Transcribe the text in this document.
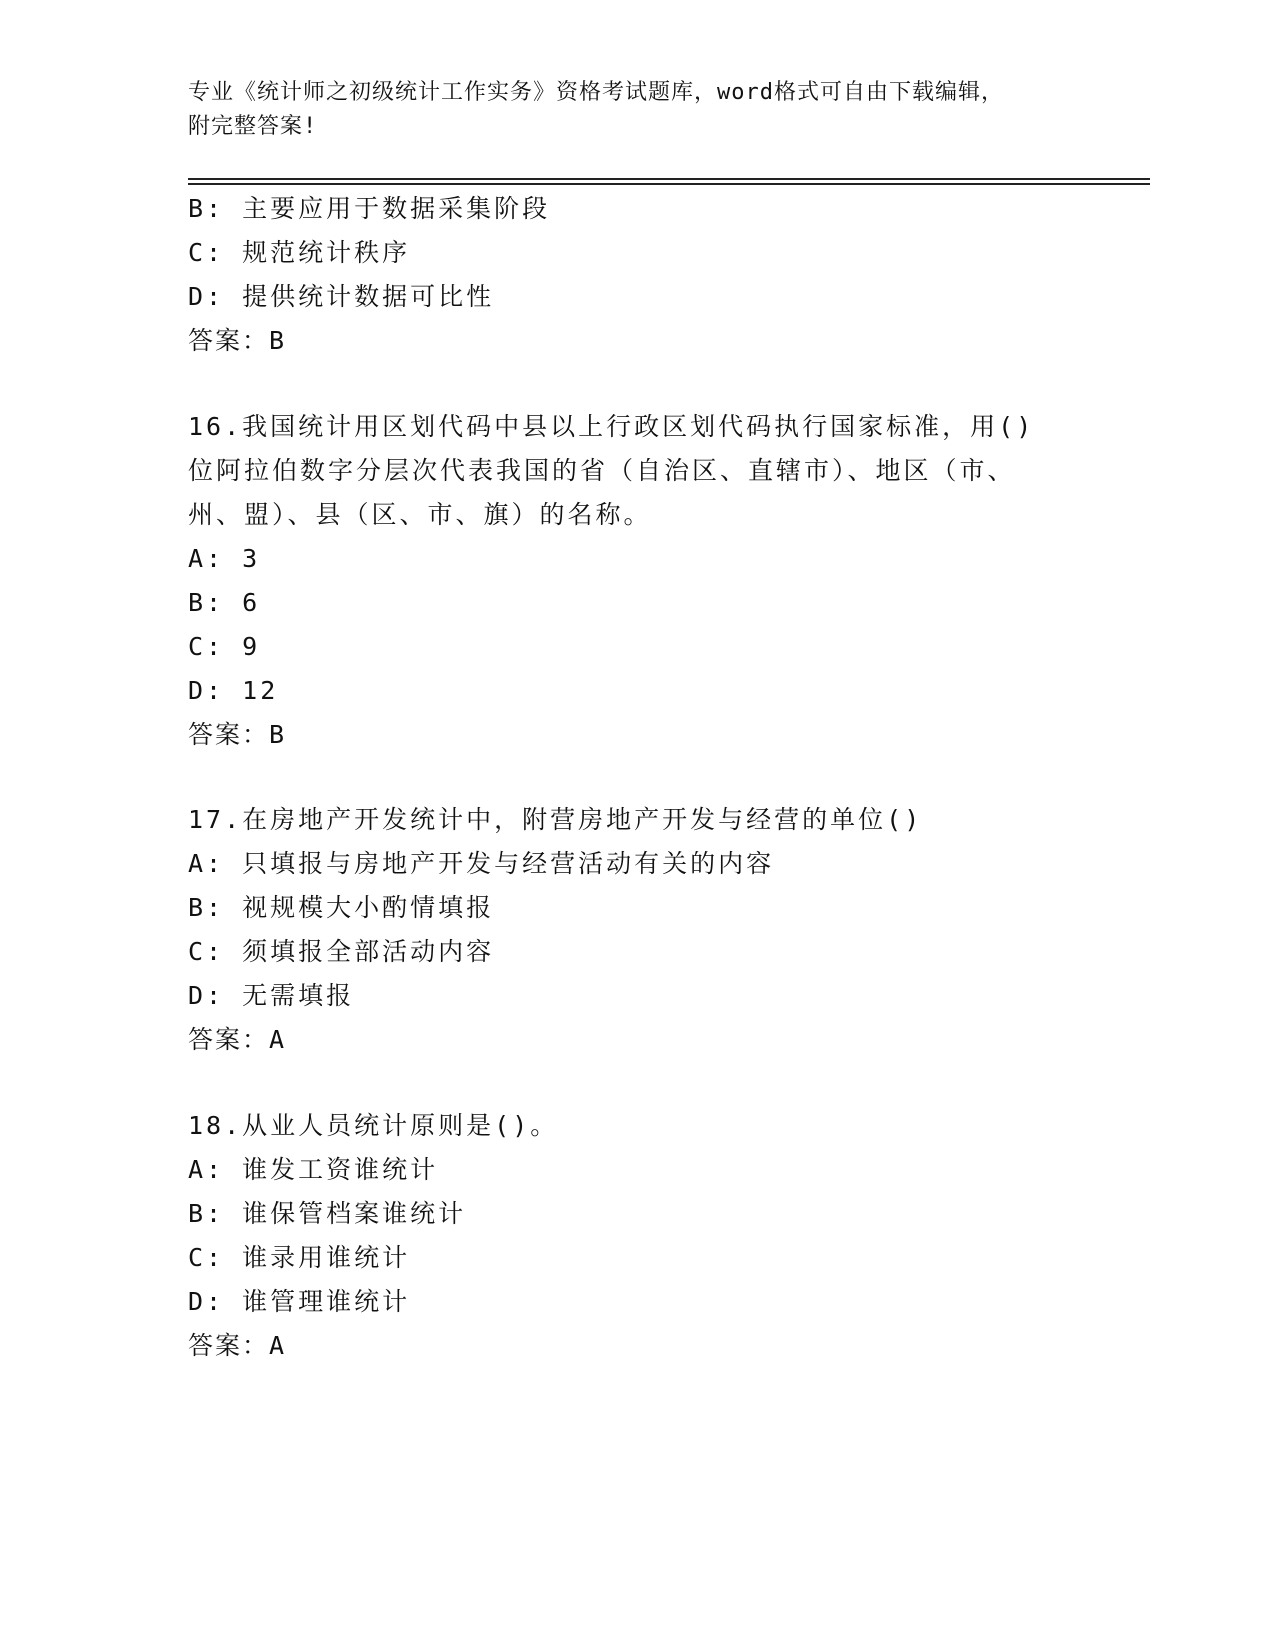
专业《统计师之初级统计工作实务》资格考试题库，word格式可自由下载编辑，
附完整答案!
B: 主要应用于数据采集阶段
C: 规范统计秩序
D: 提供统计数据可比性
答案：B
16.我国统计用区划代码中县以上行政区划代码执行国家标准，用()
位阿拉伯数字分层次代表我国的省（自治区、直辖市）、地区（市、
州、盟）、县（区、市、旗）的名称。
A: 3
B: 6
C: 9
D: 12
答案：B
17.在房地产开发统计中，附营房地产开发与经营的单位()
A: 只填报与房地产开发与经营活动有关的内容
B: 视规模大小酌情填报
C: 须填报全部活动内容
D: 无需填报
答案：A
18.从业人员统计原则是()。
A: 谁发工资谁统计
B: 谁保管档案谁统计
C: 谁录用谁统计
D: 谁管理谁统计
答案：A
